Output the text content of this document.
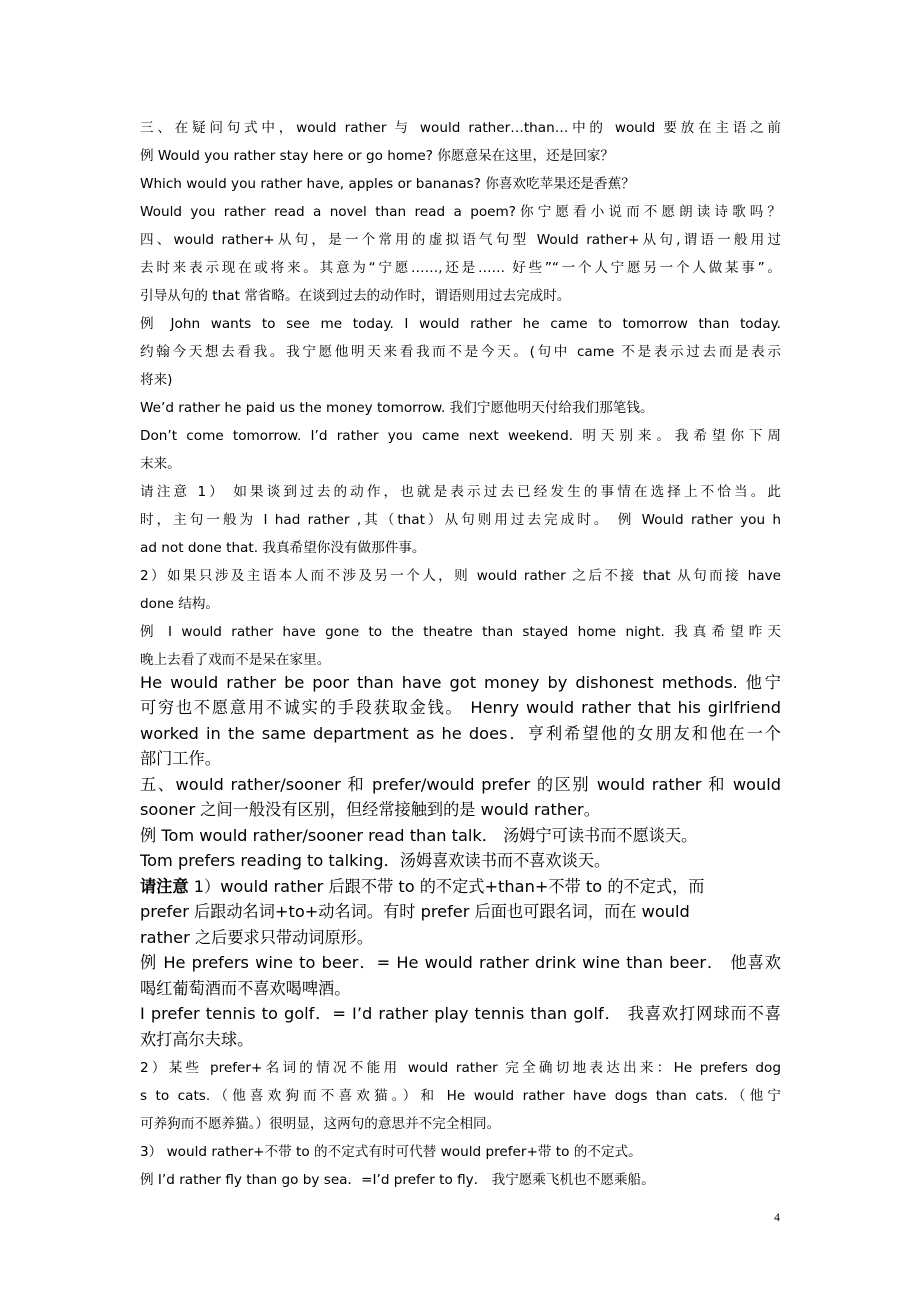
三、在疑问句式中，would rather 与 would rather…than…中的 would 要放在主语之前

例 Would you rather stay here or go home? 你愿意呆在这里，还是回家？

Which would you rather have, apples or bananas? 你喜欢吃苹果还是香蕉？

Would you rather read a novel than read a poem?你宁愿看小说而不愿朗读诗歌吗？

四、would rather+从句，是一个常用的虚拟语气句型 Would rather+从句,谓语一般用过

去时来表示现在或将来。其意为“宁愿……,还是…… 好些”“一个人宁愿另一个人做某事”。

引导从句的 that 常省略。在谈到过去的动作时，谓语则用过去完成时。

例 John wants to see me today. I would rather he came to tomorrow than today.

约翰今天想去看我。我宁愿他明天来看我而不是今天。(句中 came 不是表示过去而是表示

将来)

We’d rather he paid us the money tomorrow. 我们宁愿他明天付给我们那笔钱。

Don’t come tomorrow. I’d rather you came next weekend. 明天别来。我希望你下周

末来。

请注意 1） 如果谈到过去的动作，也就是表示过去已经发生的事情在选择上不恰当。此

时，主句一般为 I had rather ,其（that）从句则用过去完成时。 例 Would rather you h

ad not done that. 我真希望你没有做那件事。

2）如果只涉及主语本人而不涉及另一个人，则 would rather 之后不接 that 从句而接 have

done 结构。

例 I would rather have gone to the theatre than stayed home night. 我真希望昨天

晚上去看了戏而不是呆在家里。

He would rather be poor than have got money by dishonest methods. 他宁

可穷也不愿意用不诚实的手段获取金钱。 Henry would rather that his girlfriend

worked in the same department as he does．亨利希望他的女朋友和他在一个

部门工作。

五、would rather/sooner 和 prefer/would prefer 的区别 would rather 和 would

sooner 之间一般没有区别，但经常接触到的是 would rather。

例 Tom would rather/sooner read than talk． 汤姆宁可读书而不愿谈天。

Tom prefers reading to talking．汤姆喜欢读书而不喜欢谈天。

请注意 1）would rather 后跟不带 to 的不定式+than+不带 to 的不定式，而

prefer 后跟动名词+to+动名词。有时 prefer 后面也可跟名词，而在 would

rather 之后要求只带动词原形。

例 He prefers wine to beer．= He would rather drink wine than beer． 他喜欢

喝红葡萄酒而不喜欢喝啤酒。

I prefer tennis to golf．= I’d rather play tennis than golf． 我喜欢打网球而不喜

欢打高尔夫球。

2）某些 prefer+名词的情况不能用 would rather 完全确切地表达出来：He prefers dog

s to cats.（他喜欢狗而不喜欢猫。）和 He would rather have dogs than cats.（他宁

可养狗而不愿养猫。）很明显，这两句的意思并不完全相同。

3） would rather+不带 to 的不定式有时可代替 would prefer+带 to 的不定式。

例 I’d rather fly than go by sea．=I’d prefer to fly． 我宁愿乘飞机也不愿乘船。

4
